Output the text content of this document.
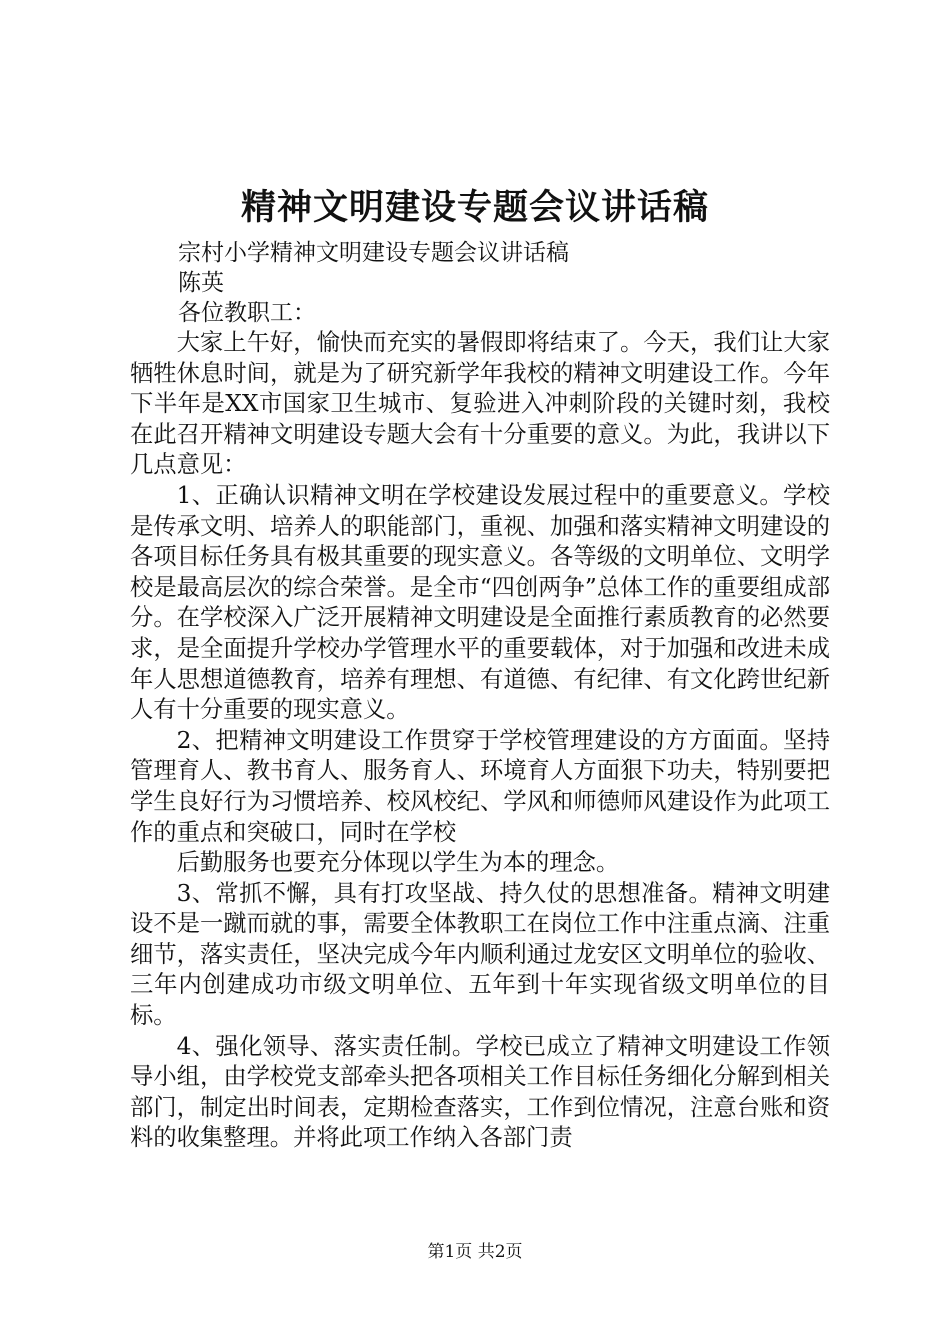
精神文明建设专题会议讲话稿
宗村小学精神文明建设专题会议讲话稿
陈英
各位教职工：

大家上午好，愉快而充实的暑假即将结束了。今天，我们让大家牺牲休息时间，就是为了研究新学年我校的精神文明建设工作。今年下半年是XX市国家卫生城市、复验进入冲刺阶段的关键时刻，我校在此召开精神文明建设专题大会有十分重要的意义。为此，我讲以下几点意见：

1、正确认识精神文明在学校建设发展过程中的重要意义。学校是传承文明、培养人的职能部门，重视、加强和落实精神文明建设的各项目标任务具有极其重要的现实意义。各等级的文明单位、文明学校是最高层次的综合荣誉。是全市“四创两争”总体工作的重要组成部分。在学校深入广泛开展精神文明建设是全面推行素质教育的必然要求，是全面提升学校办学管理水平的重要载体，对于加强和改进未成年人思想道德教育，培养有理想、有道德、有纪律、有文化跨世纪新人有十分重要的现实意义。

2、把精神文明建设工作贯穿于学校管理建设的方方面面。坚持管理育人、教书育人、服务育人、环境育人方面狠下功夫，特别要把学生良好行为习惯培养、校风校纪、学风和师德师风建设作为此项工作的重点和突破口，同时在学校

后勤服务也要充分体现以学生为本的理念。

3、常抓不懈，具有打攻坚战、持久仗的思想准备。精神文明建设不是一蹴而就的事，需要全体教职工在岗位工作中注重点滴、注重细节，落实责任，坚决完成今年内顺利通过龙安区文明单位的验收、三年内创建成功市级文明单位、五年到十年实现省级文明单位的目标。

4、强化领导、落实责任制。学校已成立了精神文明建设工作领导小组，由学校党支部牵头把各项相关工作目标任务细化分解到相关部门，制定出时间表，定期检查落实，工作到位情况，注意台账和资料的收集整理。并将此项工作纳入各部门责

第1页 共2页
